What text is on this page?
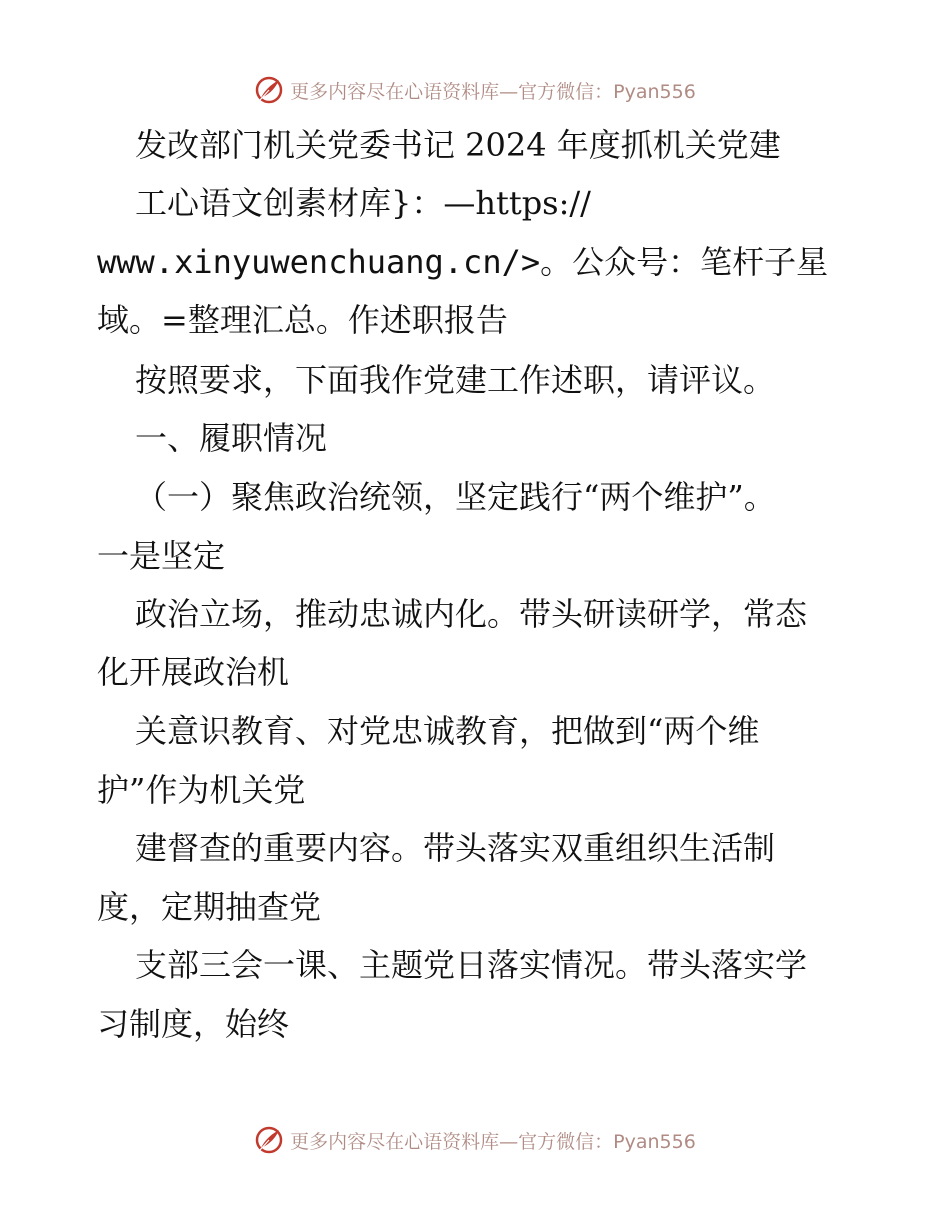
更多内容尽在心语资料库—官方微信：Pyan556
发改部门机关党委书记 2024 年度抓机关党建
工心语文创素材库}：—https://
www.xinyuwenchuang.cn/>。公众号：笔杆子星
域。=整理汇总。作述职报告
按照要求，下面我作党建工作述职，请评议。
一、履职情况
（一）聚焦政治统领，坚定践行“两个维护”。
一是坚定
政治立场，推动忠诚内化。带头研读研学，常态
化开展政治机
关意识教育、对党忠诚教育，把做到“两个维
护”作为机关党
建督查的重要内容。带头落实双重组织生活制
度，定期抽查党
支部三会一课、主题党日落实情况。带头落实学
习制度，始终
更多内容尽在心语资料库—官方微信：Pyan556
